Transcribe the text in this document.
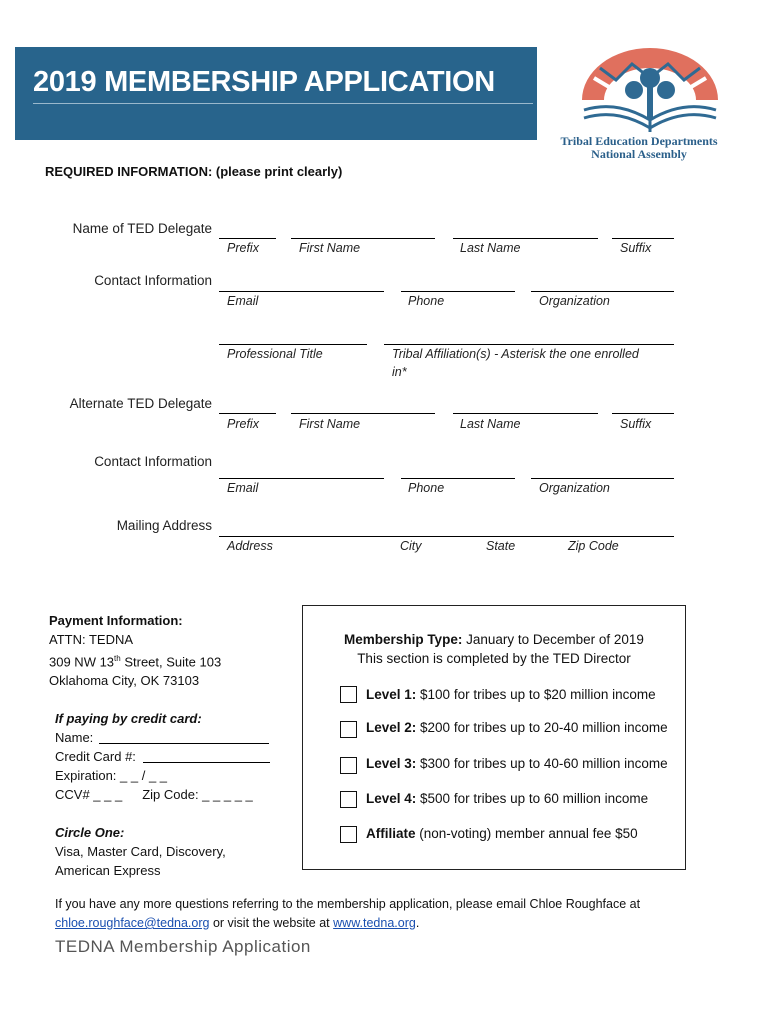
2019 MEMBERSHIP APPLICATION
Tribal Education Departments
National Assembly
REQUIRED INFORMATION: (please print clearly)
Name of TED Delegate
Prefix	First Name	Last Name	Suffix
Contact Information
Email	Phone	Organization
Professional Title	Tribal Affiliation(s) - Asterisk the one enrolled
in*
Alternate TED Delegate
Prefix	First Name	Last Name	Suffix
Contact Information
Email	Phone	Organization
Mailing Address
Address	City	State	Zip Code
Payment Information:
ATTN: TEDNA
309 NW 13th Street, Suite 103
Oklahoma City, OK 73103
If paying by credit card:
Name:
Credit Card #:
Expiration: _ _ / _ _
CCV# _ _ _ Zip Code: _ _ _ _ _
Circle One:
Visa, Master Card, Discovery,
American Express
Membership Type: January to December of 2019
This section is completed by the TED Director
Level 1: $100 for tribes up to $20 million income
Level 2: $200 for tribes up to 20-40 million income
Level 3: $300 for tribes up to 40-60 million income
Level 4: $500 for tribes up to 60 million income
Affiliate (non-voting) member annual fee $50
If you have any more questions referring to the membership application, please email Chloe Roughface at
chloe.roughface@tedna.org or visit the website at www.tedna.org.
TEDNA Membership Application
